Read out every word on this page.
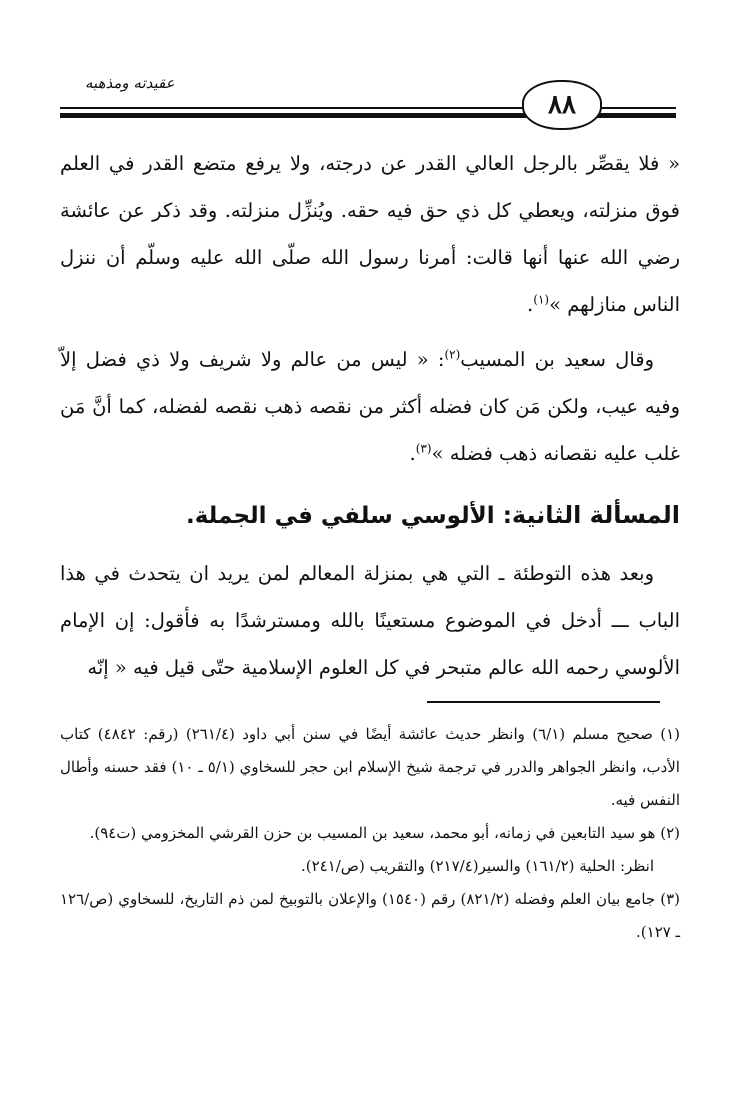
عقيدته ومذهبه
٨٨

« فلا يقصِّر بالرجل العالي القدر عن درجته، ولا يرفع متضع القدر في العلم فوق منزلته، ويعطي كل ذي حق فيه حقه. ويُنزِّل منزلته. وقد ذكر عن عائشة رضي الله عنها أنها قالت: أمرنا رسول الله صلّى الله عليه وسلّم أن ننزل الناس منازلهم »$^{(١)}$.

وقال سعيد بن المسيب$^{(٢)}$: « ليس من عالم ولا شريف ولا ذي فضل إلاّ وفيه عيب، ولكن مَن كان فضله أكثر من نقصه ذهب نقصه لفضله، كما أنَّ مَن غلب عليه نقصانه ذهب فضله »$^{(٣)}$.

المسألة الثانية: الألوسي سلفي في الجملة.

وبعد هذه التوطئة ـ التي هي بمنزلة المعالم لمن يريد ان يتحدث في هذا الباب ـــ أدخل في الموضوع مستعينًا بالله ومسترشدًا به فأقول: إن الإمام الألوسي رحمه الله عالم متبحر في كل العلوم الإسلامية حتّى قيل فيه « إنّه

(١) صحيح مسلم (٦/١) وانظر حديث عائشة أيضًا في سنن أبي داود (٢٦١/٤) (رقم: ٤٨٤٢) كتاب الأدب، وانظر الجواهر والدرر في ترجمة شيخ الإسلام ابن حجر للسخاوي (٥/١ ـ ١٠) فقد حسنه وأطال النفس فيه.

(٢) هو سيد التابعين في زمانه، أبو محمد، سعيد بن المسيب بن حزن القرشي المخزومي (ت٩٤).

انظر: الحلية (١٦١/٢) والسير(٢١٧/٤) والتقريب (ص/٢٤١).

(٣) جامع بيان العلم وفضله (٨٢١/٢) رقم (١٥٤٠) والإعلان بالتوبيخ لمن ذم التاريخ، للسخاوي (ص/١٢٦ ـ ١٢٧).
